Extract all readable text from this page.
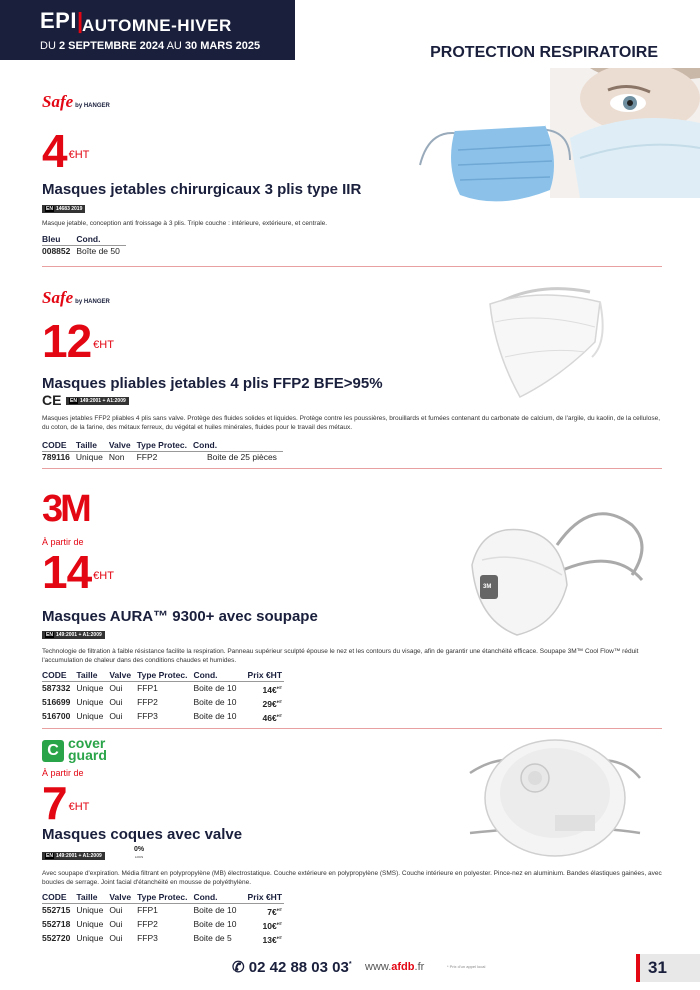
EPI|
AUTOMNE-HIVER
DU 2 SEPTEMBRE 2024 AU 30 MARS 2025	PROTECTION RESPIRATOIRE
Safe by HANGER
4 $^{€HT}$
Masques jetables chirurgicaux 3 plis type IIR
EN 14683 2019
Masque jetable, conception anti froissage à 3 plis. Triple couche : intérieure, extérieure, et centrale.
Bleu	Cond.
008852	Boîte de 50
Safe by HANGER
12 $^{€HT}$
Masques pliables jetables 4 plis FFP2 BFE>95%
CE	EN 149:2001 + A1:2009
Masques jetables FFP2 pliables 4 plis sans valve. Protège des fluides solides et liquides. Protège contre les poussières, brouillards et fumées contenant du carbonate de calcium, de l'argile, du kaolin, de la cellulose, du coton, de la farine, des métaux ferreux, du végétal et huiles minérales, fluides pour le travail des métaux.
CODE	Taille	Valve	Type Protec.	Cond.
789116	Unique	Non	FFP2	Boite de 25 pièces
3M
À partir de
14 $^{€HT}$
Masques AURA™ 9300+ avec soupape
EN 149:2001 + A1:2009
Technologie de filtration à faible résistance facilite la respiration. Panneau supérieur sculpté épouse le nez et les contours du visage, afin de garantir une étanchéité efficace. Soupape 3M™ Cool Flow™ réduit l'accumulation de chaleur dans des conditions chaudes et humides.
CODE	Taille	Valve	Type Protec.	Cond.	Prix €HT
587332	Unique	Oui	FFP1	Boite de 10	14€$^{HT}$
516699	Unique	Oui	FFP2	Boite de 10	29€$^{HT}$
516700	Unique	Oui	FFP3	Boite de 10	46€$^{HT}$
3M
C cover
guard
À partir de
7 $^{€HT}$
Masques coques avec valve
EN 149:2001 + A1:2009
0%
LOCS
Avec soupape d'expiration. Média filtrant en polypropylène (MB) électrostatique. Couche extérieure en polypropylène (SMS). Couche intérieure en polyester. Pince-nez en aluminium. Bandes élastiques gainées, avec boucles de serrage. Joint facial d'étanchéité en mousse de polyéthylène.
CODE	Taille	Valve	Type Protec.	Cond.	Prix €HT
552715	Unique	Oui	FFP1	Boite de 10	7€$^{HT}$
552718	Unique	Oui	FFP2	Boite de 10	10€$^{HT}$
552720	Unique	Oui	FFP3	Boite de 5	13€$^{HT}$
✆ 02 42 88 03 03* www.afdb.fr	* Prix d'un appel local	31
